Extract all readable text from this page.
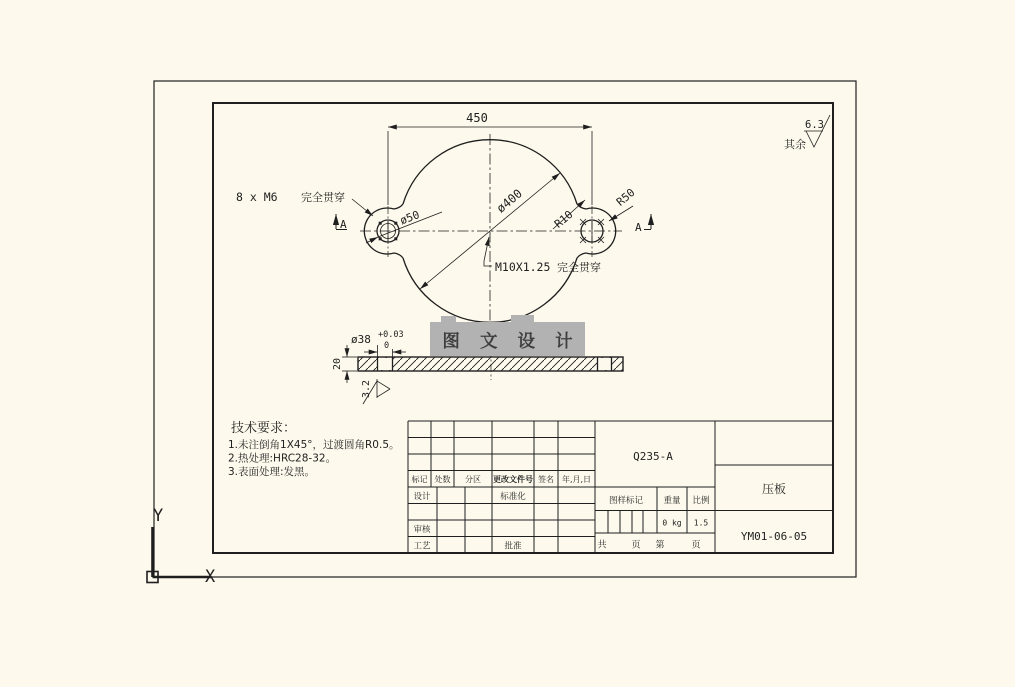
450
ø400
R10
R50
ø50
8 x M6 完全贯穿
M10X1.25 完全贯穿
A	A
ø38 +0.03
0
20
3.2
图 文 设 计
其余
6.3
技术要求：
1.未注倒角1X45°，过渡圆角R0.5。
2.热处理:HRC28-32。
3.表面处理:发黑。
标记 处数 分区 更改文件号 签名 年,月,日
设计	标准化
审核
工艺	批准
Q235-A
图样标记 重量 比例
0 kg 1.5
共	页 第	页
压板
YM01-06-05
Y
X
